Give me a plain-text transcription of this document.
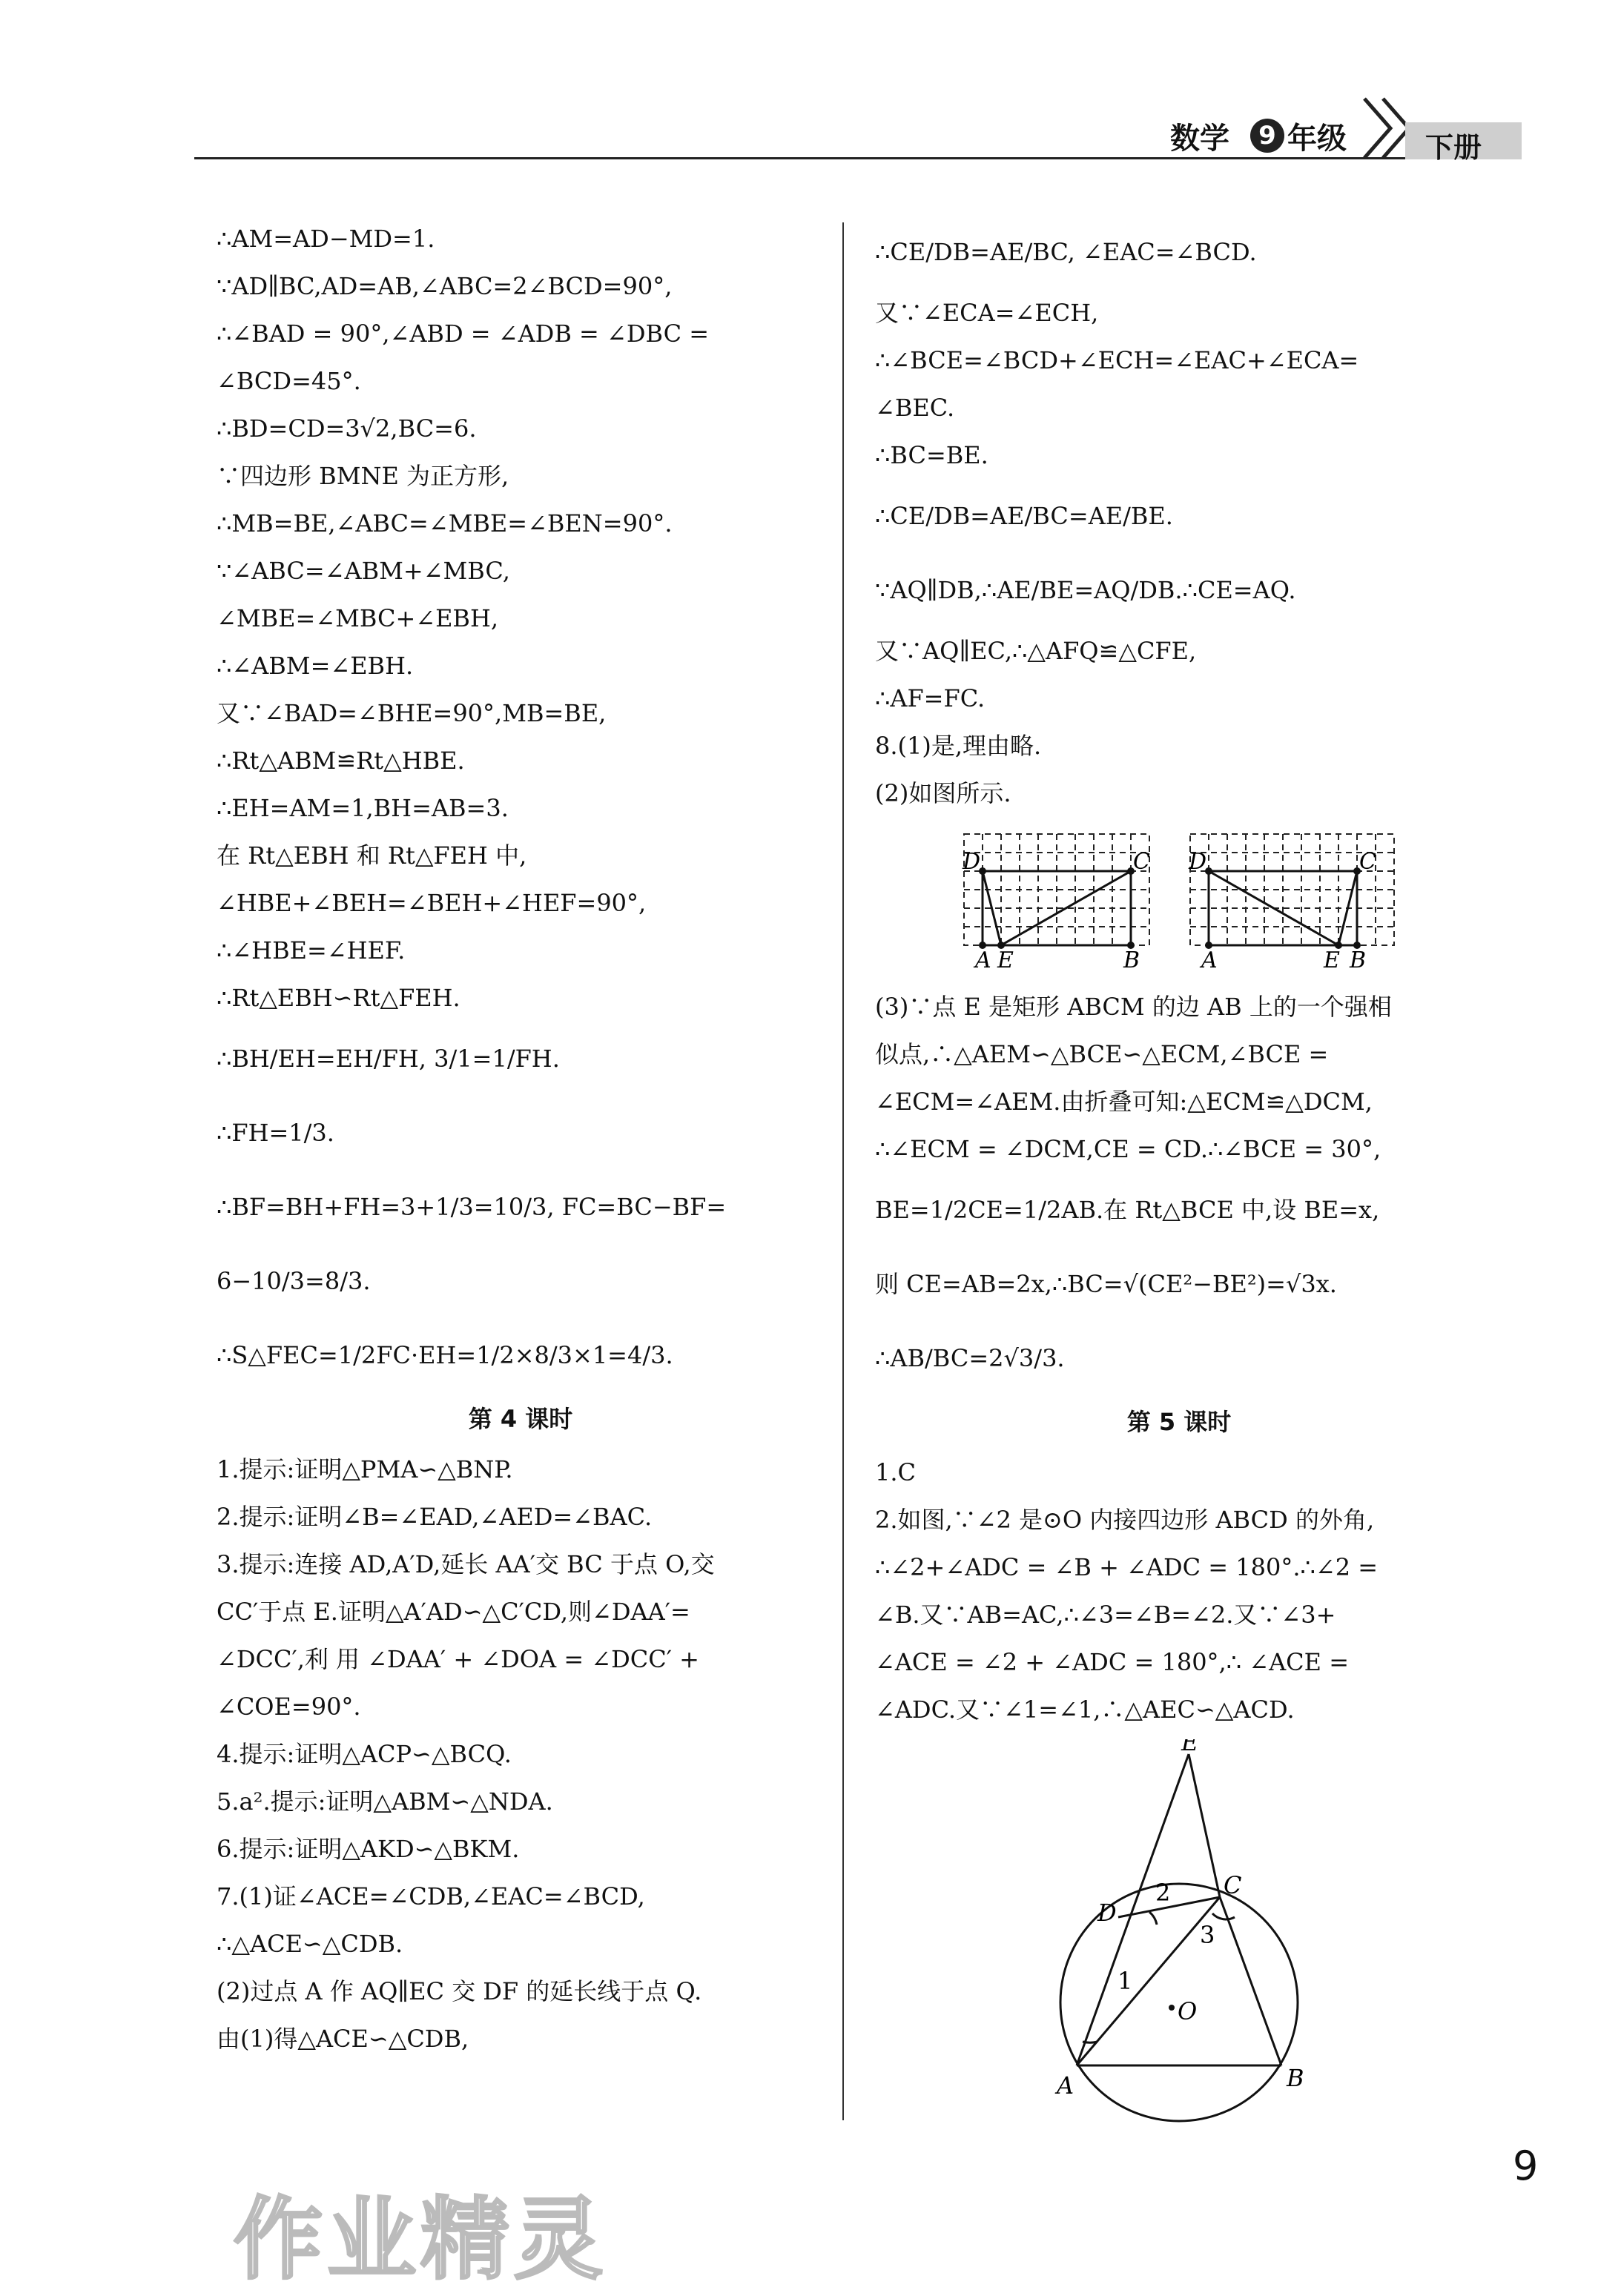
数学	9 年级	下册
∴AM=AD−MD=1.
∵AD∥BC,AD=AB,∠ABC=2∠BCD=90°,
∴∠BAD = 90°,∠ABD = ∠ADB = ∠DBC =
∠BCD=45°.
∴BD=CD=3√2,BC=6.
∵四边形 BMNE 为正方形,
∴MB=BE,∠ABC=∠MBE=∠BEN=90°.
∵∠ABC=∠ABM+∠MBC,
∠MBE=∠MBC+∠EBH,
∴∠ABM=∠EBH.
又∵∠BAD=∠BHE=90°,MB=BE,
∴Rt△ABM≌Rt△HBE.
∴EH=AM=1,BH=AB=3.
在 Rt△EBH 和 Rt△FEH 中,
∠HBE+∠BEH=∠BEH+∠HEF=90°,
∴∠HBE=∠HEF.
∴Rt△EBH∽Rt△FEH.
∴BH/EH=EH/FH, 3/1=1/FH.
∴FH=1/3.
∴BF=BH+FH=3+1/3=10/3, FC=BC−BF=
6−10/3=8/3.
∴S△FEC=1/2FC·EH=1/2×8/3×1=4/3.
第 4 课时
1.提示:证明△PMA∽△BNP.
2.提示:证明∠B=∠EAD,∠AED=∠BAC.
3.提示:连接 AD,A′D,延长 AA′交 BC 于点 O,交
CC′于点 E.证明△A′AD∽△C′CD,则∠DAA′=
∠DCC′,利 用 ∠DAA′ + ∠DOA = ∠DCC′ +
∠COE=90°.
4.提示:证明△ACP∽△BCQ.
5.a².提示:证明△ABM∽△NDA.
6.提示:证明△AKD∽△BKM.
7.(1)证∠ACE=∠CDB,∠EAC=∠BCD,
∴△ACE∽△CDB.
(2)过点 A 作 AQ∥EC 交 DF 的延长线于点 Q.
由(1)得△ACE∽△CDB,
∴CE/DB=AE/BC, ∠EAC=∠BCD.
又∵∠ECA=∠ECH,
∴∠BCE=∠BCD+∠ECH=∠EAC+∠ECA=
∠BEC.
∴BC=BE.
∴CE/DB=AE/BC=AE/BE.
∵AQ∥DB,∴AE/BE=AQ/DB.∴CE=AQ.
又∵AQ∥EC,∴△AFQ≌△CFE,
∴AF=FC.
8.(1)是,理由略.
(2)如图所示.
D	C
A E	B
D	C
A	E B
(3)∵点 E 是矩形 ABCM 的边 AB 上的一个强相
似点,∴△AEM∽△BCE∽△ECM,∠BCE =
∠ECM=∠AEM.由折叠可知:△ECM≌△DCM,
∴∠ECM = ∠DCM,CE = CD.∴∠BCE = 30°,
BE=1/2CE=1/2AB.在 Rt△BCE 中,设 BE=x,
则 CE=AB=2x,∴BC=√(CE²−BE²)=√3x.
∴AB/BC=2√3/3.
第 5 课时
1.C
2.如图,∵∠2 是⊙O 内接四边形 ABCD 的外角,
∴∠2+∠ADC = ∠B + ∠ADC = 180°.∴∠2 =
∠B.又∵AB=AC,∴∠3=∠B=∠2.又∵∠3+
∠ACE = ∠2 + ∠ADC = 180°,∴ ∠ACE =
∠ADC.又∵∠1=∠1,∴△AEC∽△ACD.
E
D
C
1
2
3
O
A	B
9
作业精灵
